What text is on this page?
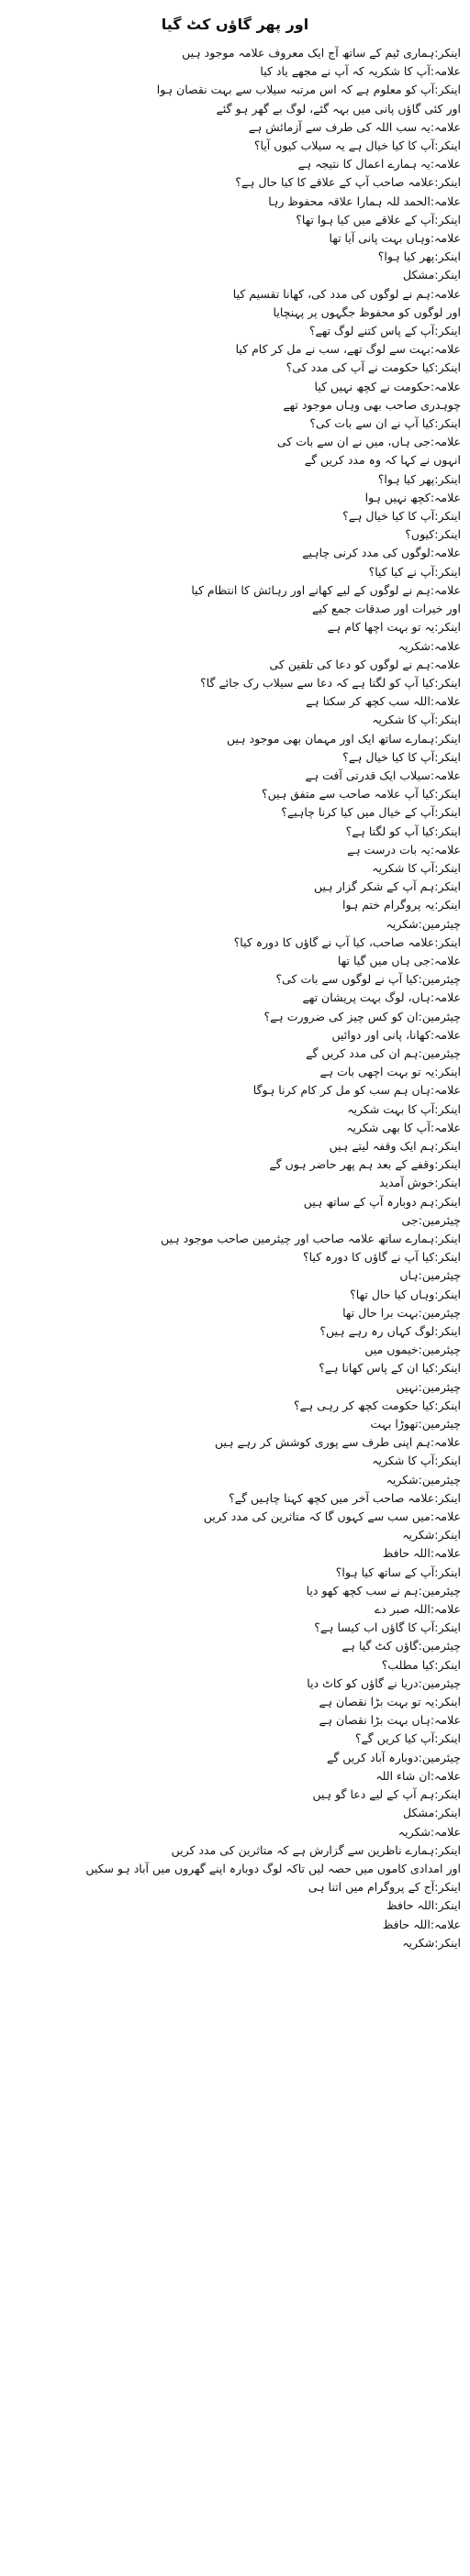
اور پھر گاؤں کٹ گیا
اینکر:ہماری ٹیم کے ساتھ آج ایک معروف علامہ موجود ہیں
علامہ:آپ کا شکریہ کہ آپ نے مجھے یاد کیا
اینکر:آپ کو معلوم ہے کہ اس مرتبہ سیلاب سے بہت نقصان ہوا
اور کئی گاؤں پانی میں بہہ گئے، لوگ بے گھر ہو گئے
علامہ:یہ سب اللہ کی طرف سے آزمائش ہے
اینکر:آپ کا کیا خیال ہے یہ سیلاب کیوں آیا؟
علامہ:یہ ہمارے اعمال کا نتیجہ ہے
اینکر:علامہ صاحب آپ کے علاقے کا کیا حال ہے؟
علامہ:الحمد للہ ہمارا علاقہ محفوظ رہا
اینکر:آپ کے علاقے میں کیا ہوا تھا؟
علامہ:وہاں بہت پانی آیا تھا
اینکر:پھر کیا ہوا؟
اینکر:مشکل
علامہ:ہم نے لوگوں کی مدد کی، کھانا تقسیم کیا
اور لوگوں کو محفوظ جگہوں پر پہنچایا
اینکر:آپ کے پاس کتنے لوگ تھے؟
علامہ:بہت سے لوگ تھے، سب نے مل کر کام کیا
اینکر:کیا حکومت نے آپ کی مدد کی؟
علامہ:حکومت نے کچھ نہیں کیا
چوہدری صاحب بھی وہاں موجود تھے
اینکر:کیا آپ نے ان سے بات کی؟
علامہ:جی ہاں، میں نے ان سے بات کی
انہوں نے کہا کہ وہ مدد کریں گے
اینکر:پھر کیا ہوا؟
علامہ:کچھ نہیں ہوا
اینکر:آپ کا کیا خیال ہے؟
اینکر:کیوں؟
علامہ:لوگوں کی مدد کرنی چاہیے
اینکر:آپ نے کیا کیا؟
علامہ:ہم نے لوگوں کے لیے کھانے اور رہائش کا انتظام کیا
اور خیرات اور صدقات جمع کیے
اینکر:یہ تو بہت اچھا کام ہے
علامہ:شکریہ
علامہ:ہم نے لوگوں کو دعا کی تلقین کی
اینکر:کیا آپ کو لگتا ہے کہ دعا سے سیلاب رک جائے گا؟
علامہ:اللہ سب کچھ کر سکتا ہے
اینکر:آپ کا شکریہ
اینکر:ہمارے ساتھ ایک اور مہمان بھی موجود ہیں
اینکر:آپ کا کیا خیال ہے؟
علامہ:سیلاب ایک قدرتی آفت ہے
اینکر:کیا آپ علامہ صاحب سے متفق ہیں؟
اینکر:آپ کے خیال میں کیا کرنا چاہیے؟
اینکر:کیا آپ کو لگتا ہے؟
علامہ:یہ بات درست ہے
اینکر:آپ کا شکریہ
اینکر:ہم آپ کے شکر گزار ہیں
اینکر:یہ پروگرام ختم ہوا
چیئرمین:شکریہ
اینکر:علامہ صاحب، کیا آپ نے گاؤں کا دورہ کیا؟
علامہ:جی ہاں میں گیا تھا
چیئرمین:کیا آپ نے لوگوں سے بات کی؟
علامہ:ہاں، لوگ بہت پریشان تھے
چیئرمین:ان کو کس چیز کی ضرورت ہے؟
علامہ:کھانا، پانی اور دوائیں
چیئرمین:ہم ان کی مدد کریں گے
اینکر:یہ تو بہت اچھی بات ہے
علامہ:ہاں ہم سب کو مل کر کام کرنا ہوگا
اینکر:آپ کا بہت شکریہ
علامہ:آپ کا بھی شکریہ
اینکر:ہم ایک وقفہ لیتے ہیں
اینکر:وقفے کے بعد ہم پھر حاضر ہوں گے
اینکر:خوش آمدید
اینکر:ہم دوبارہ آپ کے ساتھ ہیں
چیئرمین:جی
اینکر:ہمارے ساتھ علامہ صاحب اور چیئرمین صاحب موجود ہیں
اینکر:کیا آپ نے گاؤں کا دورہ کیا؟
چیئرمین:ہاں
اینکر:وہاں کیا حال تھا؟
چیئرمین:بہت برا حال تھا
اینکر:لوگ کہاں رہ رہے ہیں؟
چیئرمین:خیموں میں
اینکر:کیا ان کے پاس کھانا ہے؟
چیئرمین:نہیں
اینکر:کیا حکومت کچھ کر رہی ہے؟
چیئرمین:تھوڑا بہت
علامہ:ہم اپنی طرف سے پوری کوشش کر رہے ہیں
اینکر:آپ کا شکریہ
چیئرمین:شکریہ
اینکر:علامہ صاحب آخر میں کچھ کہنا چاہیں گے؟
علامہ:میں سب سے کہوں گا کہ متاثرین کی مدد کریں
اینکر:شکریہ
علامہ:اللہ حافظ
اینکر:آپ کے ساتھ کیا ہوا؟
چیئرمین:ہم نے سب کچھ کھو دیا
علامہ:اللہ صبر دے
اینکر:آپ کا گاؤں اب کیسا ہے؟
چیئرمین:گاؤں کٹ گیا ہے
اینکر:کیا مطلب؟
چیئرمین:دریا نے گاؤں کو کاٹ دیا
اینکر:یہ تو بہت بڑا نقصان ہے
علامہ:ہاں بہت بڑا نقصان ہے
اینکر:آپ کیا کریں گے؟
چیئرمین:دوبارہ آباد کریں گے
علامہ:ان شاء اللہ
اینکر:ہم آپ کے لیے دعا گو ہیں
اینکر:مشکل
علامہ:شکریہ
اینکر:ہمارے ناظرین سے گزارش ہے کہ متاثرین کی مدد کریں
اور امدادی کاموں میں حصہ لیں تاکہ لوگ دوبارہ اپنے گھروں میں آباد ہو سکیں
اینکر:آج کے پروگرام میں اتنا ہی
اینکر:اللہ حافظ
علامہ:اللہ حافظ
اینکر:شکریہ
